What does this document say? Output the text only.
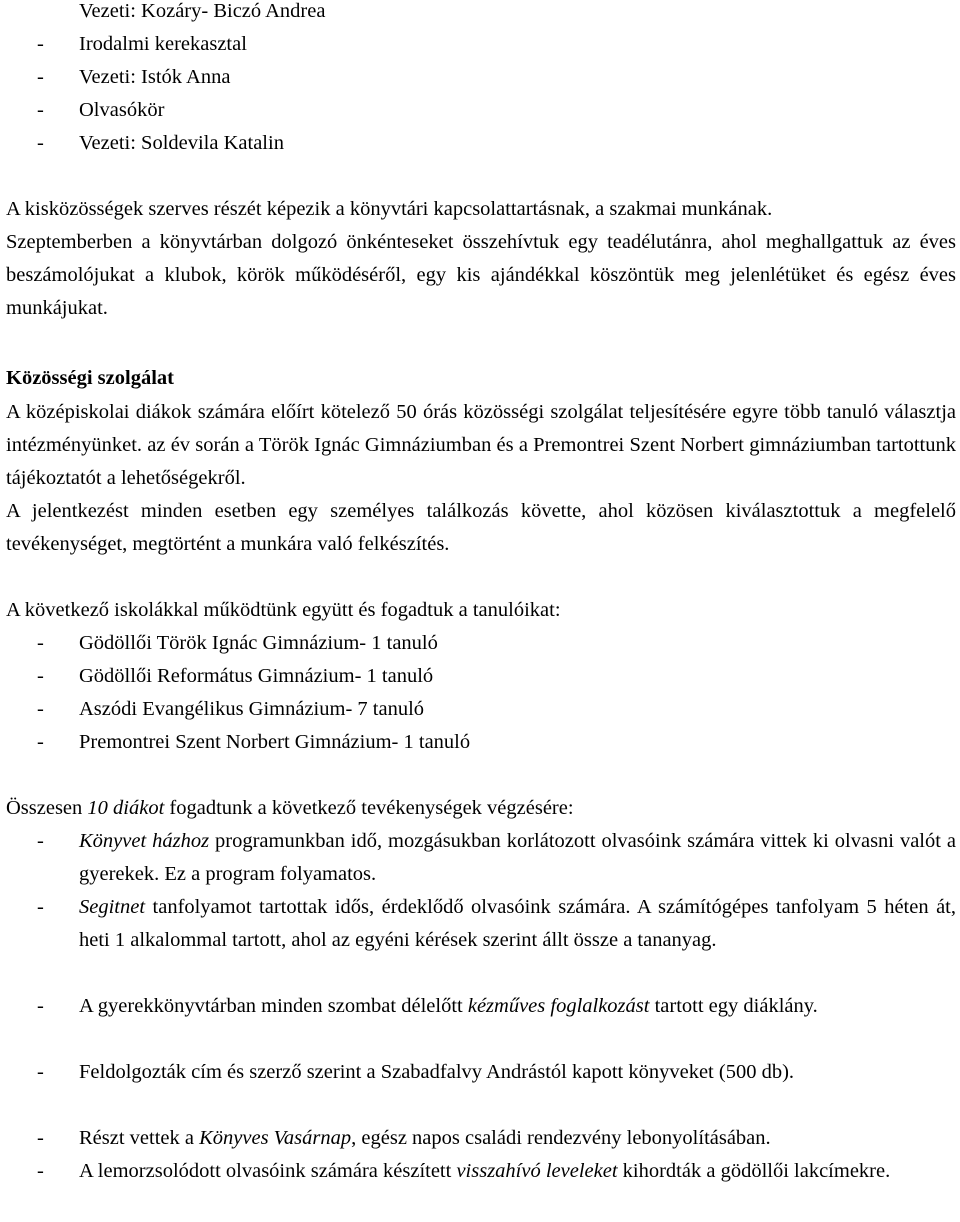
Vezeti: Kozáry- Biczó Andrea
- Irodalmi kerekasztal
- Vezeti: Istók Anna
- Olvasókör
- Vezeti: Soldevila Katalin
A kisközösségek szerves részét képezik a könyvtári kapcsolattartásnak, a szakmai munkának.
Szeptemberben a könyvtárban dolgozó önkénteseket összehívtuk egy teadélutánra, ahol meghallgattuk az éves beszámolójukat a klubok, körök működéséről, egy kis ajándékkal köszöntük meg jelenlétüket és egész éves munkájukat.
Közösségi szolgálat
A középiskolai diákok számára előírt kötelező 50 órás közösségi szolgálat teljesítésére egyre több tanuló választja intézményünket. az év során a Török Ignác Gimnáziumban és a Premontrei Szent Norbert gimnáziumban tartottunk tájékoztatót a lehetőségekről.
A jelentkezést minden esetben egy személyes találkozás követte, ahol közösen kiválasztottuk a megfelelő tevékenységet, megtörtént a munkára való felkészítés.
A következő iskolákkal működtünk együtt és fogadtuk a tanulóikat:
- Gödöllői Török Ignác Gimnázium- 1 tanuló
- Gödöllői Református Gimnázium- 1 tanuló
- Aszódi Evangélikus Gimnázium- 7 tanuló
- Premontrei Szent Norbert Gimnázium- 1 tanuló
Összesen 10 diákot fogadtunk a következő tevékenységek végzésére:
- Könyvet házhoz programunkban idő, mozgásukban korlátozott olvasóink számára vittek ki olvasni valót a gyerekek. Ez a program folyamatos.
- Segitnet tanfolyamot tartottak idős, érdeklődő olvasóink számára. A számítógépes tanfolyam 5 héten át, heti 1 alkalommal tartott, ahol az egyéni kérések szerint állt össze a tananyag.
- A gyerekkönyvtárban minden szombat délelőtt kézműves foglalkozást tartott egy diáklány.
- Feldolgozták cím és szerző szerint a Szabadfalvy Andrástól kapott könyveket (500 db).
- Részt vettek a Könyves Vasárnap, egész napos családi rendezvény lebonyolításában.
- A lemorzsolódott olvasóink számára készített visszahívó leveleket kihordták a gödöllői lakcímekre.
